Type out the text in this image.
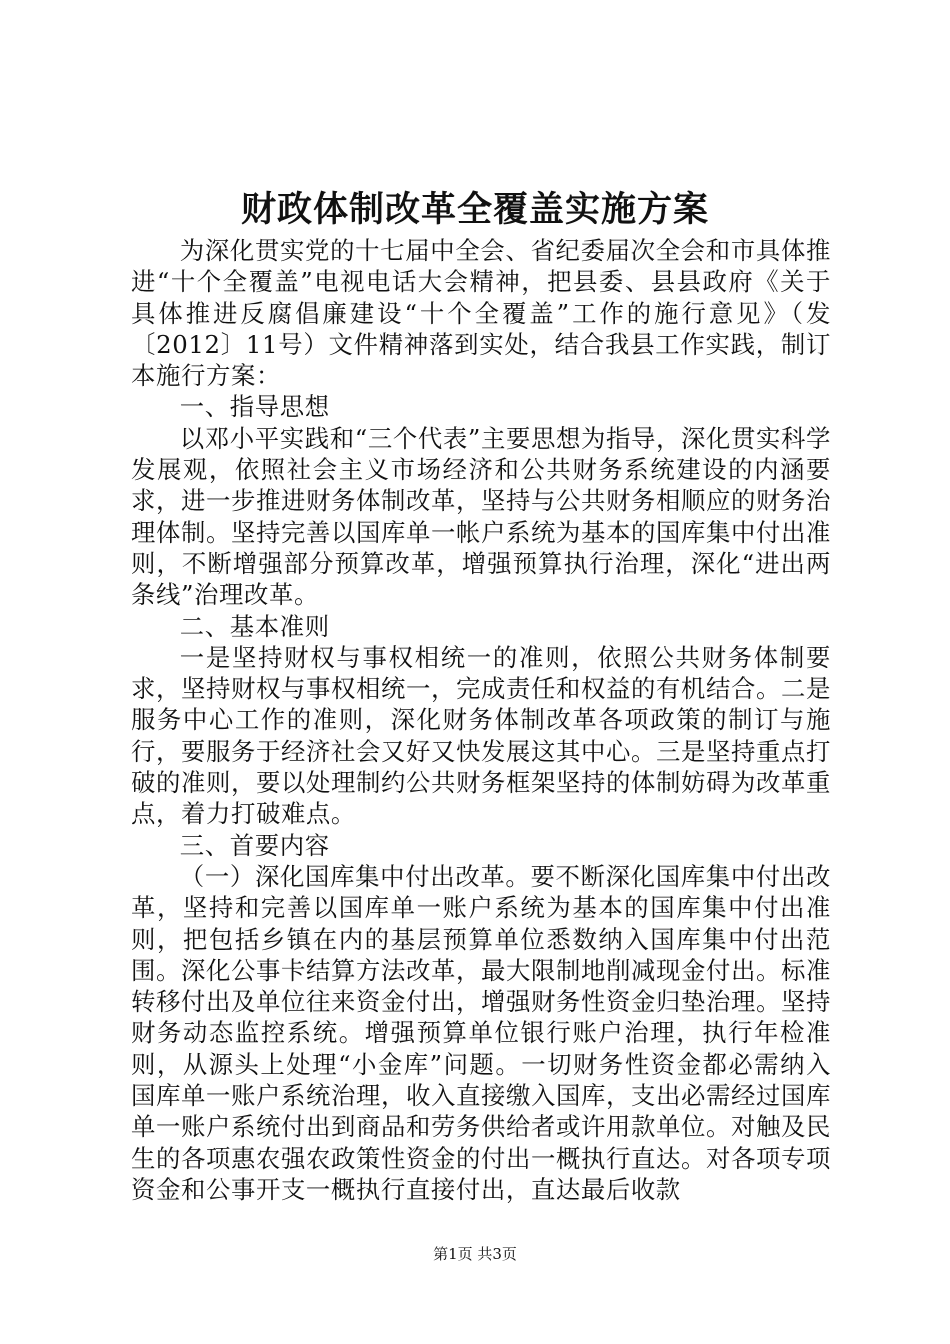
财政体制改革全覆盖实施方案

为深化贯实党的十七届中全会、省纪委届次全会和市具体推进“十个全覆盖”电视电话大会精神，把县委、县县政府《关于具体推进反腐倡廉建设“十个全覆盖”工作的施行意见》（发〔2012〕11号）文件精神落到实处，结合我县工作实践，制订本施行方案：

一、指导思想

以邓小平实践和“三个代表”主要思想为指导，深化贯实科学发展观，依照社会主义市场经济和公共财务系统建设的内涵要求，进一步推进财务体制改革，坚持与公共财务相顺应的财务治理体制。坚持完善以国库单一帐户系统为基本的国库集中付出准则，不断增强部分预算改革，增强预算执行治理，深化“进出两条线”治理改革。

二、基本准则

一是坚持财权与事权相统一的准则，依照公共财务体制要求，坚持财权与事权相统一，完成责任和权益的有机结合。二是服务中心工作的准则，深化财务体制改革各项政策的制订与施行，要服务于经济社会又好又快发展这其中心。三是坚持重点打破的准则，要以处理制约公共财务框架坚持的体制妨碍为改革重点，着力打破难点。

三、首要内容

（一）深化国库集中付出改革。要不断深化国库集中付出改革，坚持和完善以国库单一账户系统为基本的国库集中付出准则，把包括乡镇在内的基层预算单位悉数纳入国库集中付出范围。深化公事卡结算方法改革，最大限制地削减现金付出。标准转移付出及单位往来资金付出，增强财务性资金归垫治理。坚持财务动态监控系统。增强预算单位银行账户治理，执行年检准则，从源头上处理“小金库”问题。一切财务性资金都必需纳入国库单一账户系统治理，收入直接缴入国库，支出必需经过国库单一账户系统付出到商品和劳务供给者或许用款单位。对触及民生的各项惠农强农政策性资金的付出一概执行直达。对各项专项资金和公事开支一概执行直接付出，直达最后收款

第1页 共3页
